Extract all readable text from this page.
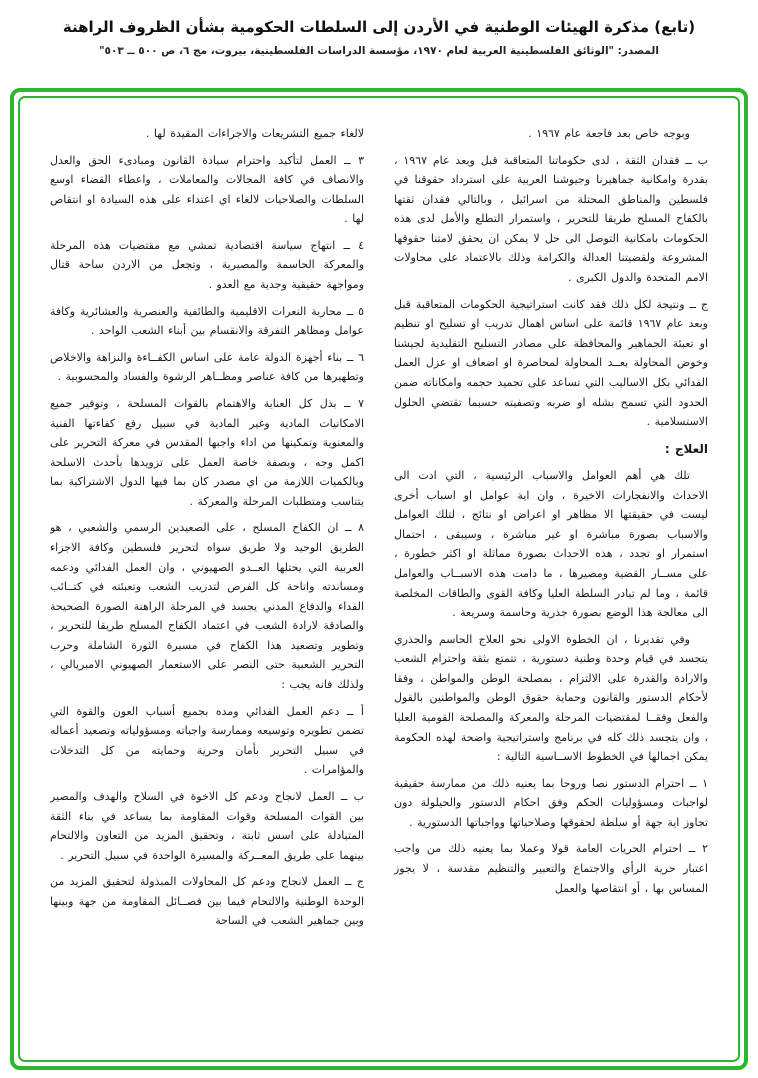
(تابع) مذكرة الهيئات الوطنية في الأردن إلى السلطات الحكومية بشأن الظروف الراهنة
المصدر: "الوثائق الفلسطينية العربية لعام ١٩٧٠، مؤسسة الدراسات الفلسطينية، بيروت، مج ٦، ص ٥٠٠ ــ ٥٠٣"

وبوجه خاص بعد فاجعة عام ١٩٦٧ .

ب ــ فقدان الثقة ، لدى حكوماتنا المتعاقبة قبل وبعد عام ١٩٦٧ ، بقدرة وامكانية جماهيرنا وجيوشنا العربية على استرداد حقوقنا في فلسطين والمناطق المحتلة من اسرائيل ، وبالتالي فقدان ثقتها بالكفاح المسلح طريقا للتحرير ، واستمرار التطلع والأمل لدى هذه الحكومات بامكانية التوصل الى حل لا يمكن ان يحقق لامتنا حقوقها المشروعة ولقضيتنا العدالة والكرامة وذلك بالاعتماد على محاولات الامم المتحدة والدول الكبرى .

ج ــ ونتيجة لكل ذلك فقد كانت استراتيجية الحكومات المتعاقبة قبل وبعد عام ١٩٦٧ قائمة على اساس اهمال تدريب او تسليح او تنظيم او تعبئة الجماهير والمحافظة على مصادر التسليح التقليدية لجيشنا وخوض المحاولة بعــد المحاولة لمحاصرة او اضعاف او عزل العمل الفدائي بكل الاساليب التي تساعد على تجميد حجمه وامكاناته ضمن الحدود التي تسمح بشله او ضربه وتصفيته حسبما تقتضي الحلول الاستسلامية .

العلاج :

تلك هي أهم العوامل والاسباب الرئيسية ، التي ادت الى الاحداث والانفجارات الاخيرة ، وان اية عوامل او اسباب أخرى ليست في حقيقتها الا مظاهر او اعراض او نتائج ، لتلك العوامل والاسباب بصورة مباشرة او غير مباشرة ، وسيبقى ، احتمال استمرار او تجدد ، هذه الاحداث بصورة مماثلة او اكثر خطورة ، على مســار القضية ومصيرها ، ما دامت هذه الاسبــاب والعوامل قائمة ، وما لم تبادر السلطة العليا وكافة القوى والطاقات المخلصة الى معالجة هذا الوضع بصورة جذرية وحاسمة وسريعة .

وفي تقديرنا ، ان الخطوة الاولى نحو العلاج الحاسم والجذري يتجسد في قيام وحدة وطنية دستورية ، تتمتع بثقة واحترام الشعب والارادة والقدرة على الالتزام ، بمصلحة الوطن والمواطن ، وفقا لأحكام الدستور والقانون وحماية حقوق الوطن والمواطنين بالقول والفعل وفقــا لمقتضيات المرحلة والمعركة والمصلحة القومية العليا ، وان يتجسد ذلك كله في برنامج واستراتيجية واضحة لهذه الحكومة يمكن اجمالها في الخطوط الاســاسية التالية :

١ ــ احترام الدستور نصا وروحا بما يعنيه ذلك من ممارسة حقيقية لواجبات ومسؤوليات الحكم وفق احكام الدستور والحيلولة دون تجاوز اية جهة أو سلطة لحقوقها وصلاحياتها وواجباتها الدستورية .

٢ ــ احترام الحريات العامة قولا وعملا بما يعنيه ذلك من واجب اعتبار حرية الرأي والاجتماع والتعبير والتنظيم مقدسة ، لا يجوز المساس بها ، أو انتقاصها والعمل

لالغاء جميع التشريعات والاجراءات المقيدة لها .

٣ ــ العمل لتأكيد واحترام سيادة القانون ومبادىء الحق والعدل والانصاف في كافة المجالات والمعاملات ، واعطاء القضاء اوسع السلطات والصلاحيات لالغاء اي اعتداء على هذه السيادة او انتقاص لها .

٤ ــ انتهاج سياسة اقتصادية تمشي مع مقتضيات هذه المرحلة والمعركة الحاسمة والمصيرية ، وتجعل من الاردن ساحة قتال ومواجهة حقيقية وجدية مع العدو .

٥ ــ محاربة النعرات الاقليمية والطائفية والعنصرية والعشائرية وكافة عوامل ومظاهر التفرقة والانقسام بين أبناء الشعب الواحد .

٦ ــ بناء أجهزة الدولة عامة على اساس الكفــاءة والنزاهة والاخلاص وتطهيرها من كافة عناصر ومظــاهر الرشوة والفساد والمحسوبية .

٧ ــ بذل كل العناية والاهتمام بالقوات المسلحة ، وتوفير جميع الامكانيات المادية وغير المادية في سبيل رفع كفاءتها الفنية والمعنوية وتمكينها من اداء واجبها المقدس في معركة التحرير على اكمل وجه ، وبصفة خاصة العمل على تزويدها بأحدث الاسلحة وبالكميات اللازمة من اي مصدر كان بما فيها الدول الاشتراكية بما يتناسب ومتطلبات المرحلة والمعركة .

٨ ــ ان الكفاح المسلح ، على الصعيدين الرسمي والشعبي ، هو الطريق الوحيد ولا طريق سواه لتحرير فلسطين وكافة الاجزاء العربية التي يحتلها العــدو الصهيوني ، وان العمل الفدائي ودعمه ومساندته واتاحة كل الفرص لتدريب الشعب وتعبئته في كتــائب الفداء والدفاع المدني يجسد في المرحلة الراهنة الصورة الصحيحة والصادقة لارادة الشعب في اعتماد الكفاح المسلح طريقا للتحرير ، وتطوير وتصعيد هذا الكفاح في مسيرة الثورة الشاملة وحرب التحرير الشعبية حتى النصر على الاستعمار الصهيوني الامبريالي ، ولذلك فانه يجب :

أ ــ دعم العمل الفدائي ومده بجميع أسباب العون والقوة التي تضمن تطويره وتوسيعه وممارسة واجباته ومسؤولياته وتصعيد أعماله في سبيل التحرير بأمان وحرية وحمايته من كل التدخلات والمؤامرات .

ب ــ العمل لانجاح ودعم كل الاخوة في السلاح والهدف والمصير بين القوات المسلحة وقوات المقاومة بما يساعد في بناء الثقة المتبادلة على اسس ثابتة ، وتحقيق المزيد من التعاون والالتحام بينهما على طريق المعــركة والمسيرة الواحدة في سبيل التحرير .

ج ــ العمل لانجاح ودعم كل المحاولات المبذولة لتحقيق المزيد من الوحدة الوطنية والالتحام فيما بين فصــائل المقاومة من جهة وبينها وبين جماهير الشعب في الساحة
